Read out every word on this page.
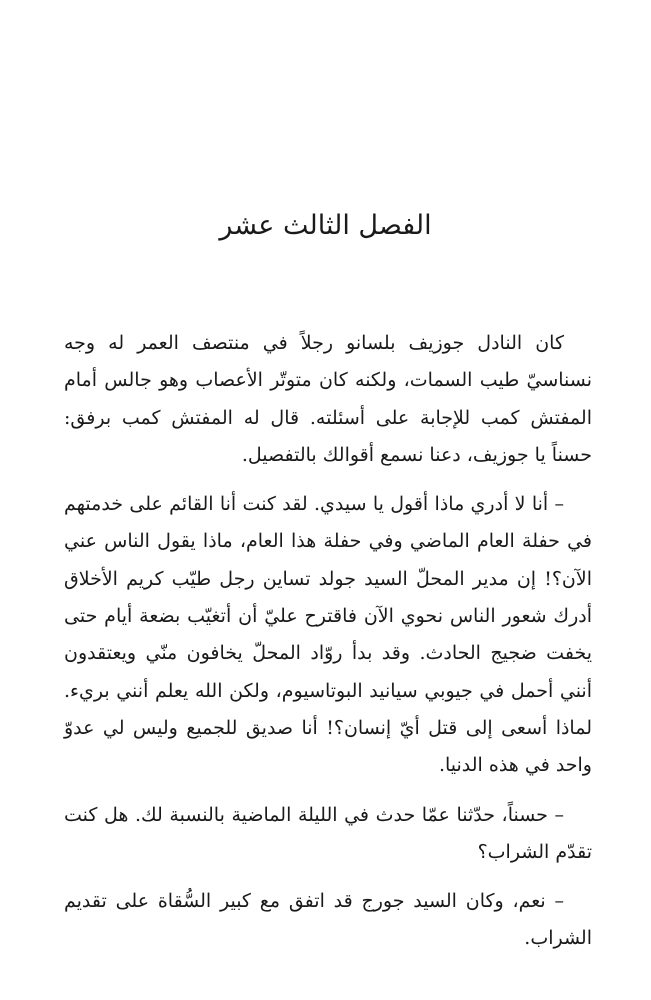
الفصل الثالث عشر

كان النادل جوزيف بلسانو رجلاً في منتصف العمر له وجه نسناسيّ طيب السمات، ولكنه كان متوتّر الأعصاب وهو جالس أمام المفتش كمب للإجابة على أسئلته. قال له المفتش كمب برفق: حسناً يا جوزيف، دعنا نسمع أقوالك بالتفصيل.

– أنا لا أدري ماذا أقول يا سيدي. لقد كنت أنا القائم على خدمتهم في حفلة العام الماضي وفي حفلة هذا العام، ماذا يقول الناس عني الآن؟! إن مدير المحلّ السيد جولد تساين رجل طيّب كريم الأخلاق أدرك شعور الناس نحوي الآن فاقترح عليّ أن أتغيّب بضعة أيام حتى يخفت ضجيج الحادث. وقد بدأ روّاد المحلّ يخافون منّي ويعتقدون أنني أحمل في جيوبي سيانيد البوتاسيوم، ولكن الله يعلم أنني بريء. لماذا أسعى إلى قتل أيّ إنسان؟! أنا صديق للجميع وليس لي عدوّ واحد في هذه الدنيا.

– حسناً، حدّثنا عمّا حدث في الليلة الماضية بالنسبة لك. هل كنت تقدّم الشراب؟

– نعم، وكان السيد جورج قد اتفق مع كبير السُّقاة على تقديم الشراب.
